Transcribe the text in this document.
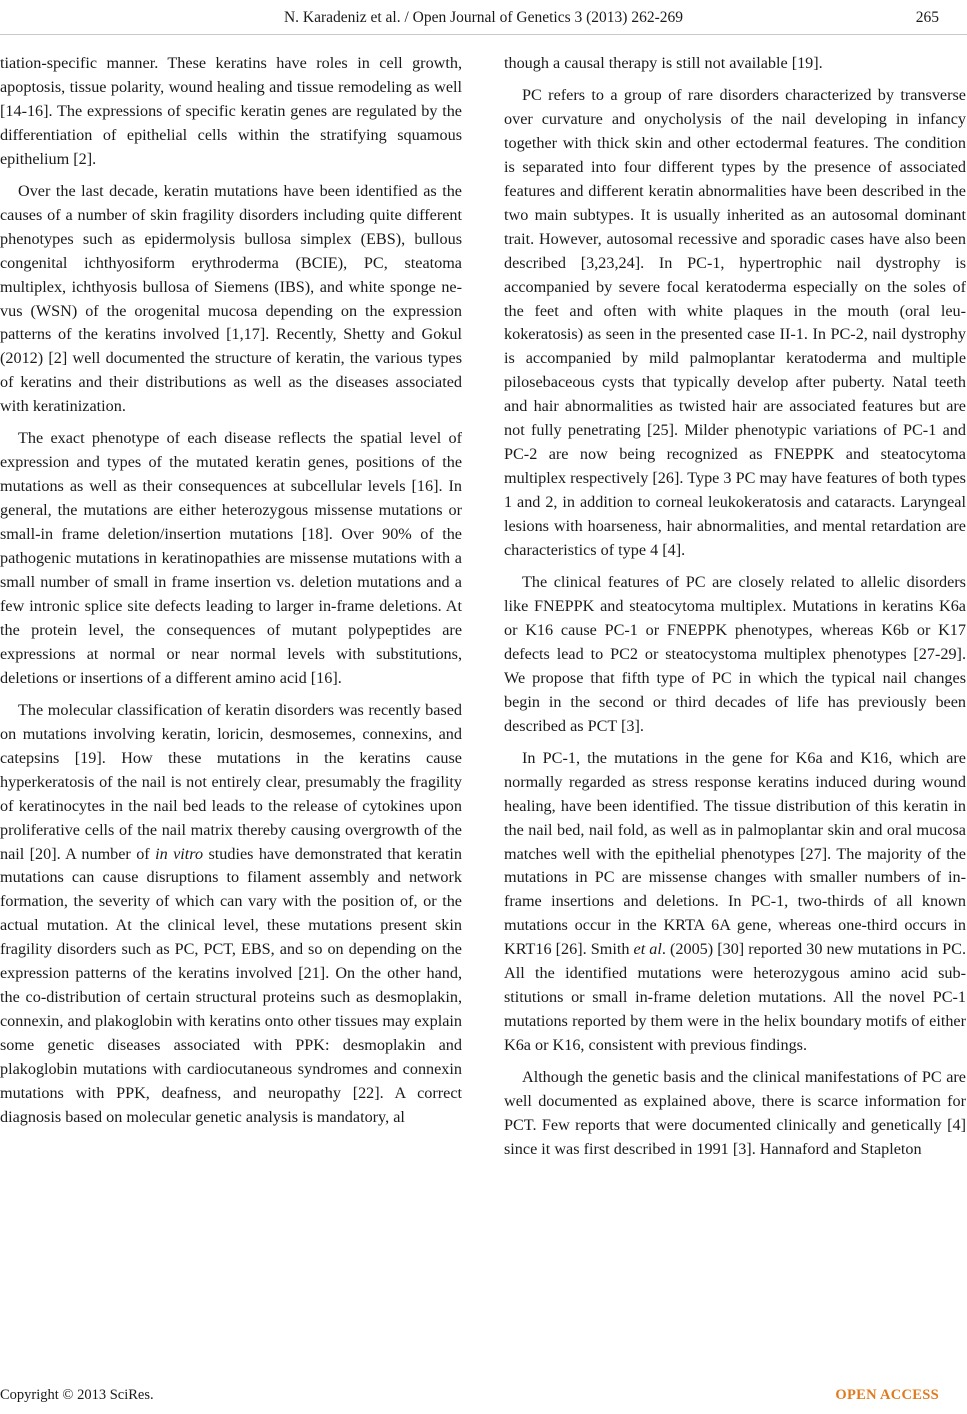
N. Karadeniz et al. / Open Journal of Genetics 3 (2013) 262-269	265

tiation-specific manner. These keratins have roles in cell growth, apoptosis, tissue polarity, wound healing and tissue remodeling as well [14-16]. The expressions of specific keratin genes are regulated by the differentiation of epithelial cells within the stratifying squamous epithelium [2].

Over the last decade, keratin mutations have been identified as the causes of a number of skin fragility disorders including quite different phenotypes such as epidermolysis bullosa simplex (EBS), bullous congenital ichthyosiform erythroderma (BCIE), PC, steatoma multiplex, ichthyosis bullosa of Siemens (IBS), and white sponge nevus (WSN) of the orogenital mucosa depending on the expression patterns of the keratins involved [1,17]. Recently, Shetty and Gokul (2012) [2] well documented the structure of keratin, the various types of keratins and their distributions as well as the diseases associated with keratinization.

The exact phenotype of each disease reflects the spatial level of expression and types of the mutated keratin genes, positions of the mutations as well as their consequences at subcellular levels [16]. In general, the mutations are either heterozygous missense mutations or small-in frame deletion/insertion mutations [18]. Over 90% of the pathogenic mutations in keratinopathies are missense mutations with a small number of small in frame insertion vs. deletion mutations and a few intronic splice site defects leading to larger in-frame deletions. At the protein level, the consequences of mutant polypeptides are expressions at normal or near normal levels with substitutions, deletions or insertions of a different amino acid [16].

The molecular classification of keratin disorders was recently based on mutations involving keratin, loricin, desmosemes, connexins, and catepsins [19]. How these mutations in the keratins cause hyperkeratosis of the nail is not entirely clear, presumably the fragility of keratinocytes in the nail bed leads to the release of cytokines upon proliferative cells of the nail matrix thereby causing overgrowth of the nail [20]. A number of in vitro studies have demonstrated that keratin mutations can cause disruptions to filament assembly and network formation, the severity of which can vary with the position of, or the actual mutation. At the clinical level, these mutations present skin fragility disorders such as PC, PCT, EBS, and so on depending on the expression patterns of the keratins involved [21]. On the other hand, the co-distribution of certain structural proteins such as desmoplakin, connexin, and plakoglobin with keratins onto other tissues may explain some genetic diseases associated with PPK: desmoplakin and plakoglobin mutations with cardiocutaneous syndromes and connexin mutations with PPK, deafness, and neuropathy [22]. A correct diagnosis based on molecular genetic analysis is mandatory, al

though a causal therapy is still not available [19].

PC refers to a group of rare disorders characterized by transverse over curvature and onycholysis of the nail developing in infancy together with thick skin and other ectodermal features. The condition is separated into four different types by the presence of associated features and different keratin abnormalities have been described in the two main subtypes. It is usually inherited as an autosomal dominant trait. However, autosomal recessive and sporadic cases have also been described [3,23,24]. In PC-1, hypertrophic nail dystrophy is accompanied by severe focal keratoderma especially on the soles of the feet and often with white plaques in the mouth (oral leukokeratosis) as seen in the presented case II-1. In PC-2, nail dystrophy is accompanied by mild palmoplantar keratoderma and multiple pilosebaceous cysts that typically develop after puberty. Natal teeth and hair abnormalities as twisted hair are associated features but are not fully penetrating [25]. Milder phenotypic variations of PC-1 and PC-2 are now being recognized as FNEPPK and steatocytoma multiplex respectively [26]. Type 3 PC may have features of both types 1 and 2, in addition to corneal leukokeratosis and cataracts. Laryngeal lesions with hoarseness, hair abnormalities, and mental retardation are characteristics of type 4 [4].

The clinical features of PC are closely related to allelic disorders like FNEPPK and steatocytoma multiplex. Mutations in keratins K6a or K16 cause PC-1 or FNEPPK phenotypes, whereas K6b or K17 defects lead to PC2 or steatocystoma multiplex phenotypes [27-29]. We propose that fifth type of PC in which the typical nail changes begin in the second or third decades of life has previously been described as PCT [3].

In PC-1, the mutations in the gene for K6a and K16, which are normally regarded as stress response keratins induced during wound healing, have been identified. The tissue distribution of this keratin in the nail bed, nail fold, as well as in palmoplantar skin and oral mucosa matches well with the epithelial phenotypes [27]. The majority of the mutations in PC are missense changes with smaller numbers of in-frame insertions and deletions. In PC-1, two-thirds of all known mutations occur in the KRTA 6A gene, whereas one-third occurs in KRT16 [26]. Smith et al. (2005) [30] reported 30 new mutations in PC. All the identified mutations were heterozygous amino acid substitutions or small in-frame deletion mutations. All the novel PC-1 mutations reported by them were in the helix boundary motifs of either K6a or K16, consistent with previous findings.

Although the genetic basis and the clinical manifestations of PC are well documented as explained above, there is scarce information for PCT. Few reports that were documented clinically and genetically [4] since it was first described in 1991 [3]. Hannaford and Stapleton

Copyright © 2013 SciRes.	OPEN ACCESS
